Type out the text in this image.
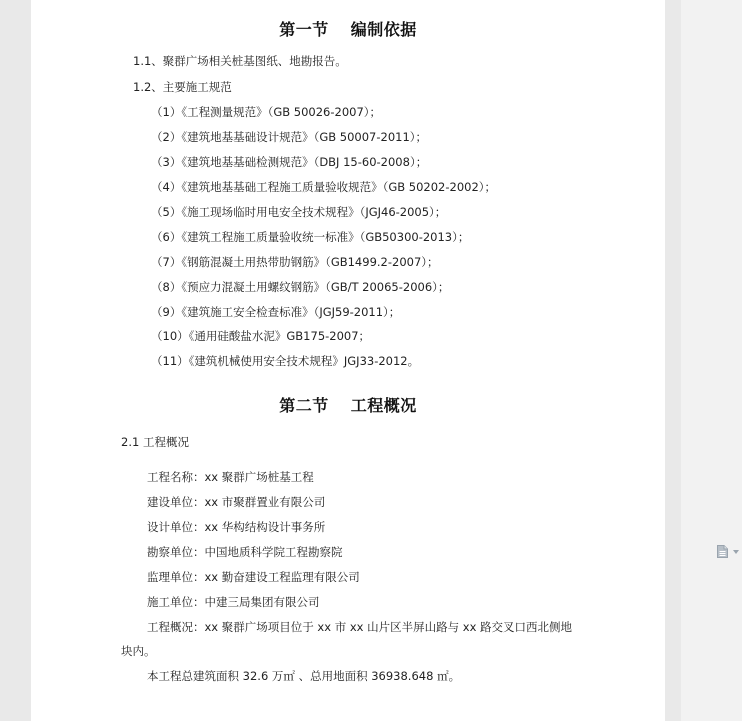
第一节 编制依据

1.1、聚群广场相关桩基图纸、地勘报告。

1.2、主要施工规范

（1）《工程测量规范》（GB 50026-2007）；

（2）《建筑地基基础设计规范》（GB 50007-2011）；

（3）《建筑地基基础检测规范》（DBJ 15-60-2008）；

（4）《建筑地基基础工程施工质量验收规范》（GB 50202-2002）；

（5）《施工现场临时用电安全技术规程》（JGJ46-2005）；

（6）《建筑工程施工质量验收统一标准》（GB50300-2013）；

（7）《钢筋混凝土用热带肋钢筋》（GB1499.2-2007）；

（8）《预应力混凝土用螺纹钢筋》（GB/T 20065-2006）；

（9）《建筑施工安全检查标准》（JGJ59-2011）；

（10）《通用硅酸盐水泥》GB175-2007；

（11）《建筑机械使用安全技术规程》JGJ33-2012。

第二节 工程概况

2.1 工程概况

工程名称：xx 聚群广场桩基工程

建设单位：xx 市聚群置业有限公司

设计单位：xx 华构结构设计事务所

勘察单位：中国地质科学院工程勘察院

监理单位：xx 勤奋建设工程监理有限公司

施工单位：中建三局集团有限公司

工程概况：xx 聚群广场项目位于 xx 市 xx 山片区半屏山路与 xx 路交叉口西北侧地

块内。

本工程总建筑面积 32.6 万㎡ 、总用地面积 36938.648 ㎡。
